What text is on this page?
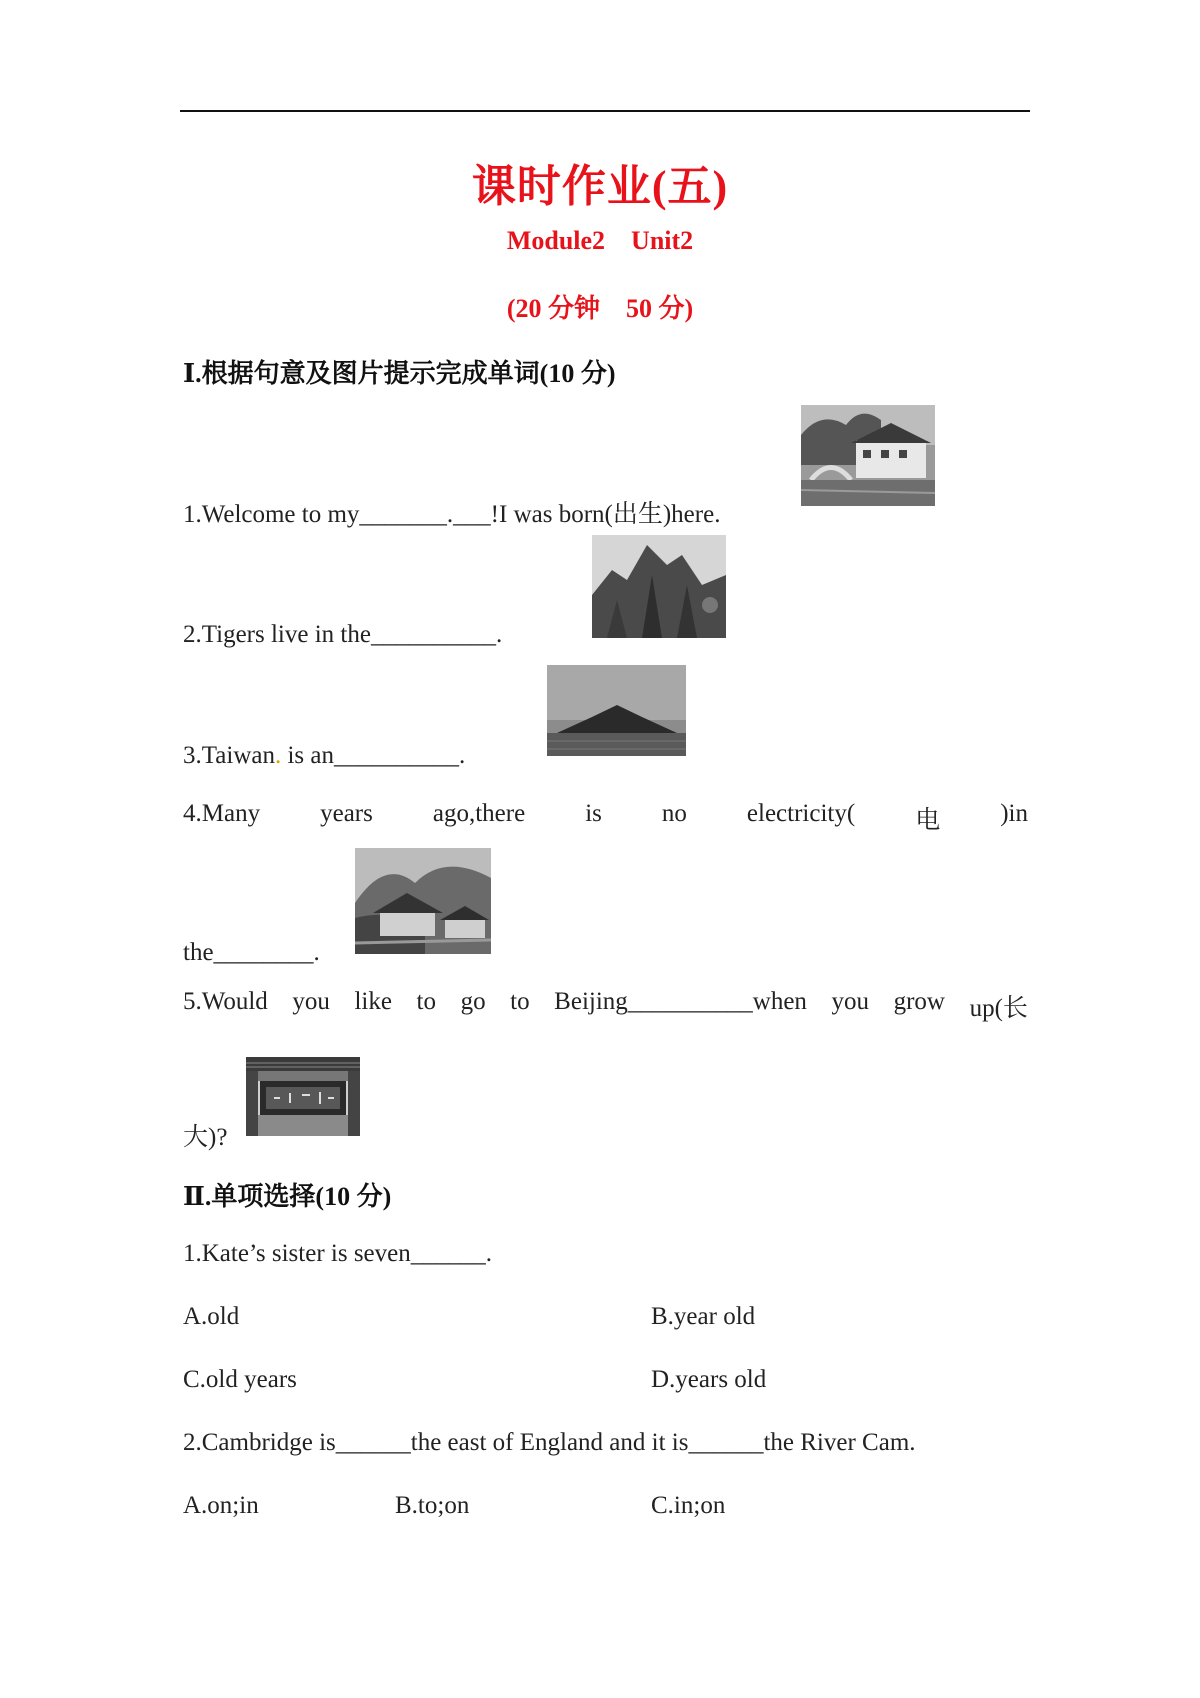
课时作业(五)
Module2    Unit2
(20 分钟    50 分)
Ⅰ.根据句意及图片提示完成单词(10 分)
1.Welcome to my_______.___!I was born(出生)here.
2.Tigers live in the__________.
3.Taiwan. is an__________.
4.Many years ago,there is no electricity( 电 )in
the________.
5.Would you like to go to Beijing__________when you grow up(长
大)?
Ⅱ.单项选择(10 分)
1.Kate’s sister is seven______.
A.old	B.year old
C.old years	D.years old
2.Cambridge is______the east of England and it is______the River Cam.
A.on;in	B.to;on	C.in;on
